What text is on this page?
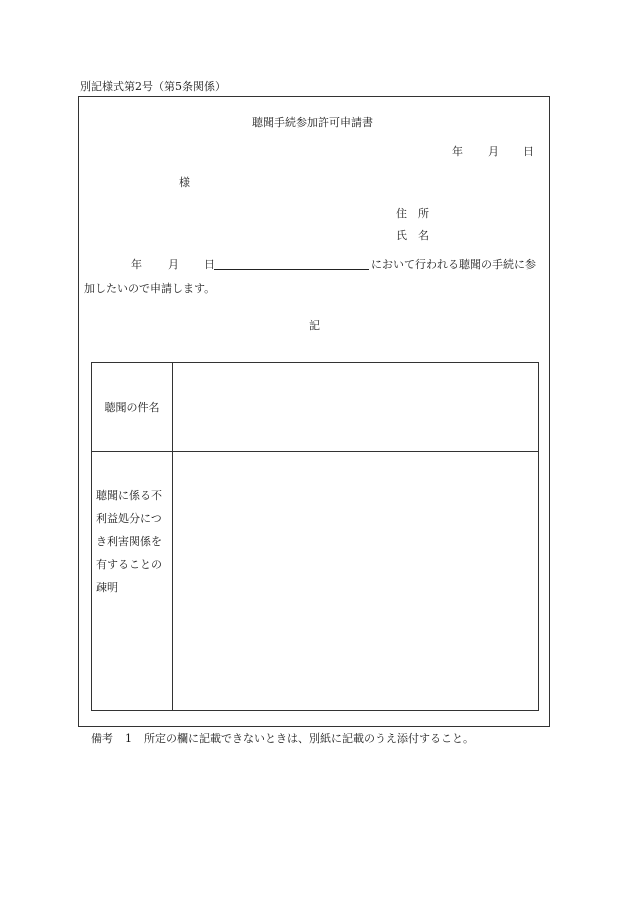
別記様式第2号（第5条関係）
聴聞手続参加許可申請書
年 月 日
様
住　所
氏　名
年 月 日	において行われる聴聞の手続に参
加したいので申請します。
記
聴聞の件名	

聴聞に係る不
利益処分につ
き利害関係を
有することの
疎明	

備考 1 所定の欄に記載できないときは、別紙に記載のうえ添付すること。
